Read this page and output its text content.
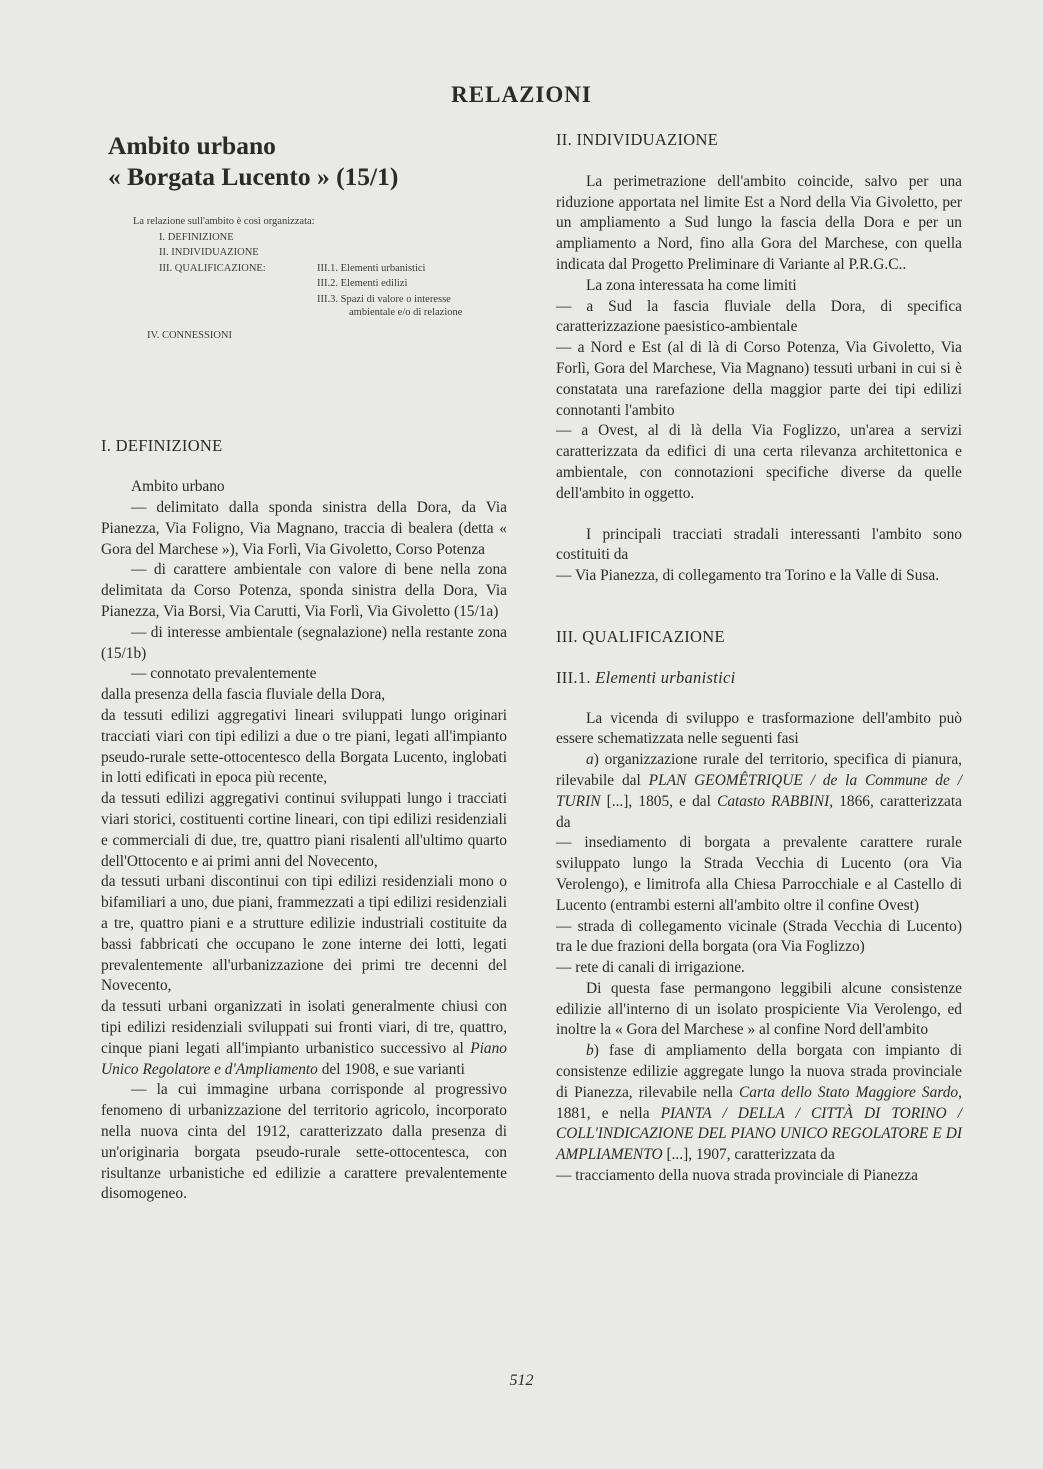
RELAZIONI
Ambito urbano
« Borgata Lucento » (15/1)
La relazione sull'ambito è così organizzata:
I. DEFINIZIONE
II. INDIVIDUAZIONE
III. QUALIFICAZIONE:	III.1. Elementi urbanistici

III.2. Elementi edilizi

III.3. Spazi di valore o interesse

ambientale e/o di relazione
IV. CONNESSIONI
I. DEFINIZIONE

Ambito urbano

— delimitato dalla sponda sinistra della Dora, da Via Pianezza, Via Foligno, Via Magnano, traccia di bealera (detta « Gora del Marchese »), Via Forlì, Via Givoletto, Corso Potenza

— di carattere ambientale con valore di bene nella zona delimitata da Corso Potenza, sponda sinistra della Dora, Via Pianezza, Via Borsi, Via Carutti, Via Forlì, Via Givoletto (15/1a)

— di interesse ambientale (segnalazione) nella restante zona (15/1b)

— connotato prevalentemente

dalla presenza della fascia fluviale della Dora,

da tessuti edilizi aggregativi lineari sviluppati lungo originari tracciati viari con tipi edilizi a due o tre piani, legati all'impianto pseudo-rurale sette-ottocentesco della Borgata Lucento, inglobati in lotti edificati in epoca più recente,

da tessuti edilizi aggregativi continui sviluppati lungo i tracciati viari storici, costituenti cortine lineari, con tipi edilizi residenziali e commerciali di due, tre, quattro piani risalenti all'ultimo quarto dell'Ottocento e ai primi anni del Novecento,

da tessuti urbani discontinui con tipi edilizi residenziali mono o bifamiliari a uno, due piani, frammezzati a tipi edilizi residenziali a tre, quattro piani e a strutture edilizie industriali costituite da bassi fabbricati che occupano le zone interne dei lotti, legati prevalentemente all'urbanizzazione dei primi tre decenni del Novecento,

da tessuti urbani organizzati in isolati generalmente chiusi con tipi edilizi residenziali sviluppati sui fronti viari, di tre, quattro, cinque piani legati all'impianto urbanistico successivo al Piano Unico Regolatore e d'Ampliamento del 1908, e sue varianti

— la cui immagine urbana corrisponde al progressivo fenomeno di urbanizzazione del territorio agricolo, incorporato nella nuova cinta del 1912, caratterizzato dalla presenza di un'originaria borgata pseudo-rurale sette-ottocentesca, con risultanze urbanistiche ed edilizie a carattere prevalentemente disomogeneo.

II. INDIVIDUAZIONE

La perimetrazione dell'ambito coincide, salvo per una riduzione apportata nel limite Est a Nord della Via Givoletto, per un ampliamento a Sud lungo la fascia della Dora e per un ampliamento a Nord, fino alla Gora del Marchese, con quella indicata dal Progetto Preliminare di Variante al P.R.G.C..

La zona interessata ha come limiti

— a Sud la fascia fluviale della Dora, di specifica caratterizzazione paesistico-ambientale

— a Nord e Est (al di là di Corso Potenza, Via Givoletto, Via Forlì, Gora del Marchese, Via Magnano) tessuti urbani in cui si è constatata una rarefazione della maggior parte dei tipi edilizi connotanti l'ambito

— a Ovest, al di là della Via Foglizzo, un'area a servizi caratterizzata da edifici di una certa rilevanza architettonica e ambientale, con connotazioni specifiche diverse da quelle dell'ambito in oggetto.

I principali tracciati stradali interessanti l'ambito sono costituiti da

— Via Pianezza, di collegamento tra Torino e la Valle di Susa.

III. QUALIFICAZIONE
III.1. Elementi urbanistici

La vicenda di sviluppo e trasformazione dell'ambito può essere schematizzata nelle seguenti fasi

a) organizzazione rurale del territorio, specifica di pianura, rilevabile dal PLAN GEOMÊTRIQUE / de la Commune de / TURIN [...], 1805, e dal Catasto RABBINI, 1866, caratterizzata da

— insediamento di borgata a prevalente carattere rurale sviluppato lungo la Strada Vecchia di Lucento (ora Via Verolengo), e limitrofa alla Chiesa Parrocchiale e al Castello di Lucento (entrambi esterni all'ambito oltre il confine Ovest)

— strada di collegamento vicinale (Strada Vecchia di Lucento) tra le due frazioni della borgata (ora Via Foglizzo)

— rete di canali di irrigazione.

Di questa fase permangono leggibili alcune consistenze edilizie all'interno di un isolato prospiciente Via Verolengo, ed inoltre la « Gora del Marchese » al confine Nord dell'ambito

b) fase di ampliamento della borgata con impianto di consistenze edilizie aggregate lungo la nuova strada provinciale di Pianezza, rilevabile nella Carta dello Stato Maggiore Sardo, 1881, e nella PIANTA / DELLA / CITTÀ DI TORINO / COLL'INDICAZIONE DEL PIANO UNICO REGOLATORE E DI AMPLIAMENTO [...], 1907, caratterizzata da

— tracciamento della nuova strada provinciale di Pianezza

512
